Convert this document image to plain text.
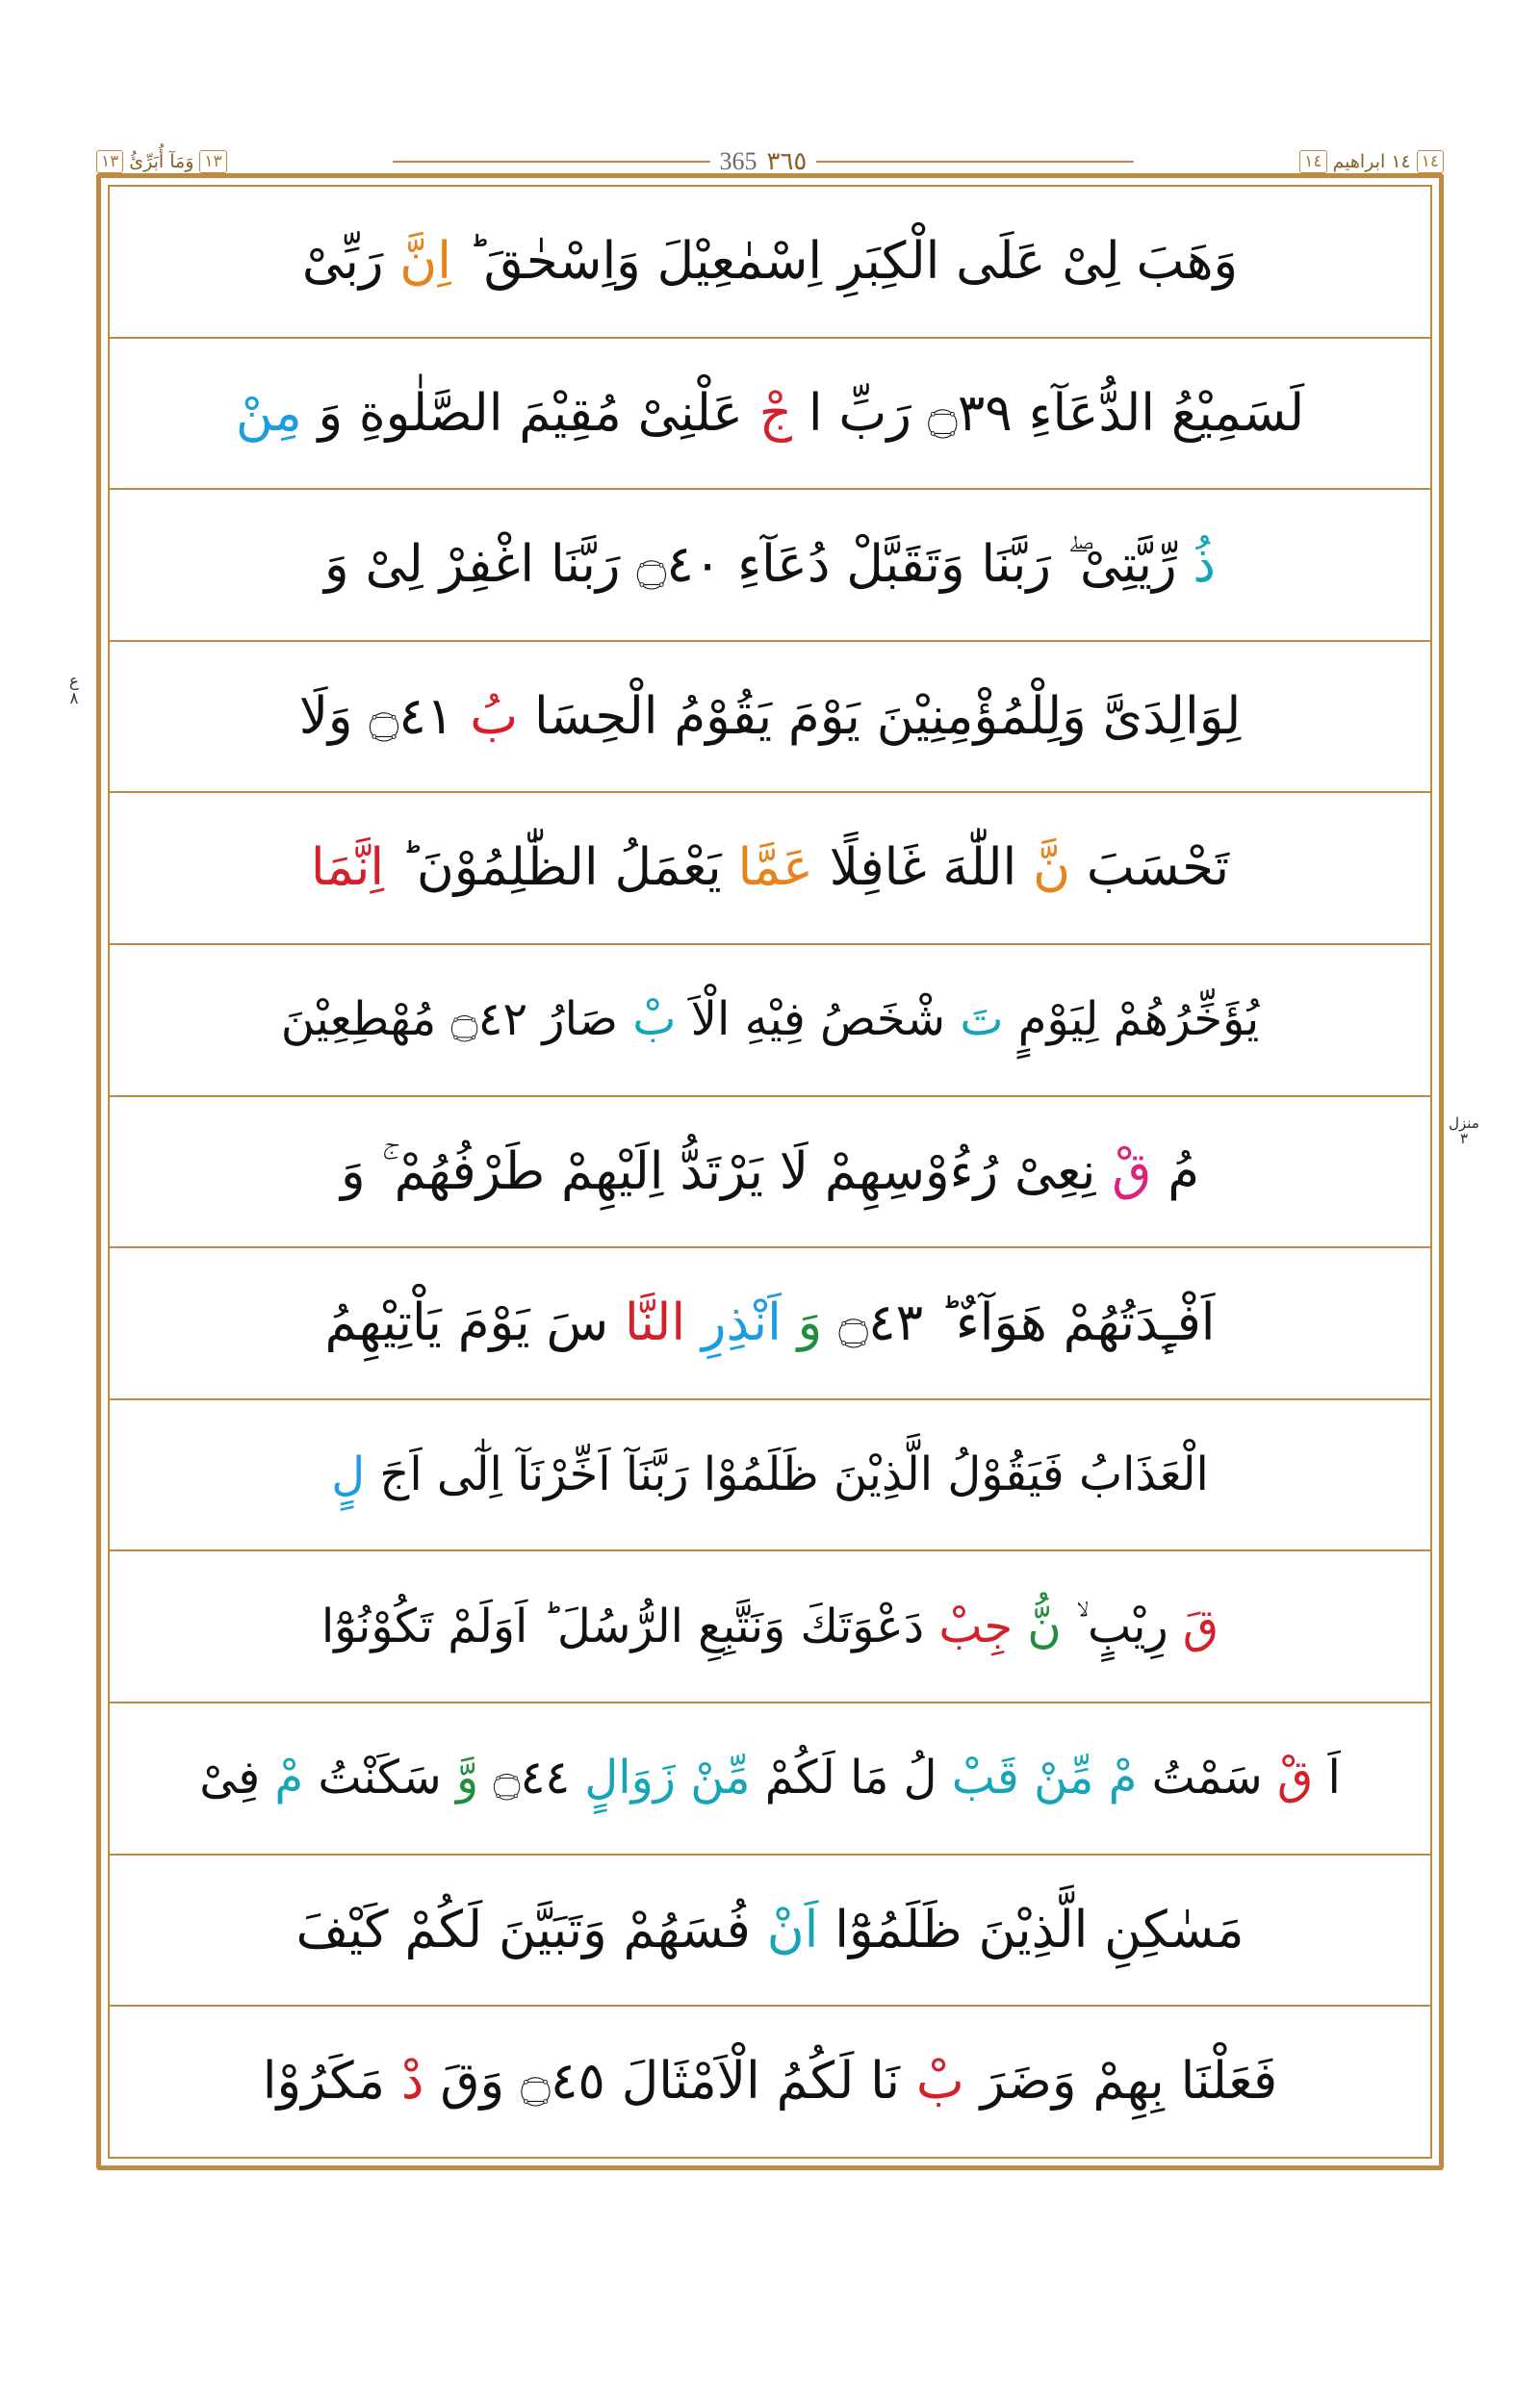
١٤
١٤ ابراهيم
١٤
٣٦٥
365
١٣
وَمَآ أُبَرِّئُ
١٣
ع
٨
منزل
٣
وَهَبَ لِىْ عَلَى الْكِبَرِ اِسْمٰعِيْلَ وَاِسْحٰقَ ؕ اِنَّ رَبِّىْ
لَسَمِيْعُ الدُّعَآءِ ۝٣٩ رَبِّ ا جْ عَلْنِىْ مُقِيْمَ الصَّلٰوةِ وَ مِنْ
ذُ رِّيَّتِىْ ۖ رَبَّنَا وَتَقَبَّلْ دُعَآءِ ۝٤٠ رَبَّنَا اغْفِرْ لِىْ وَ
لِوَالِدَىَّ وَلِلْمُؤْمِنِيْنَ يَوْمَ يَقُوْمُ الْحِسَا بُ ۝٤١ وَلَا
تَحْسَبَ نَّ اللّٰهَ غَافِلًا عَمَّا يَعْمَلُ الظّٰلِمُوْنَ ؕ اِنَّمَا
يُؤَخِّرُهُمْ لِيَوْمٍ تَ شْخَصُ فِيْهِ الْاَ بْ صَارُ ۝٤٢ مُهْطِعِيْنَ
مُ قْ نِعِىْ رُءُوْسِهِمْ لَا يَرْتَدُّ اِلَيْهِمْ طَرْفُهُمْ ۚ وَ
اَفْـِٕدَتُهُمْ هَوَآءٌ ؕ ۝٤٣ وَ اَنْذِرِ النَّا سَ يَوْمَ يَاْتِيْهِمُ
الْعَذَابُ فَيَقُوْلُ الَّذِيْنَ ظَلَمُوْا رَبَّنَآ اَخِّرْنَآ اِلٰٓى اَجَ لٍ
قَ رِيْبٍ ۙ نُّ جِبْ دَعْوَتَكَ وَنَتَّبِعِ الرُّسُلَ ؕ اَوَلَمْ تَكُوْنُوْٓا
اَ قْ سَمْتُ مْ مِّنْ قَبْ لُ مَا لَكُمْ مِّنْ زَوَالٍ ۝٤٤ وَّ سَكَنْتُ مْ فِىْ
مَسٰكِنِ الَّذِيْنَ ظَلَمُوْٓا اَنْ فُسَهُمْ وَتَبَيَّنَ لَكُمْ كَيْفَ
فَعَلْنَا بِهِمْ وَضَرَ بْ نَا لَكُمُ الْاَمْثَالَ ۝٤٥ وَقَ دْ مَكَرُوْا
